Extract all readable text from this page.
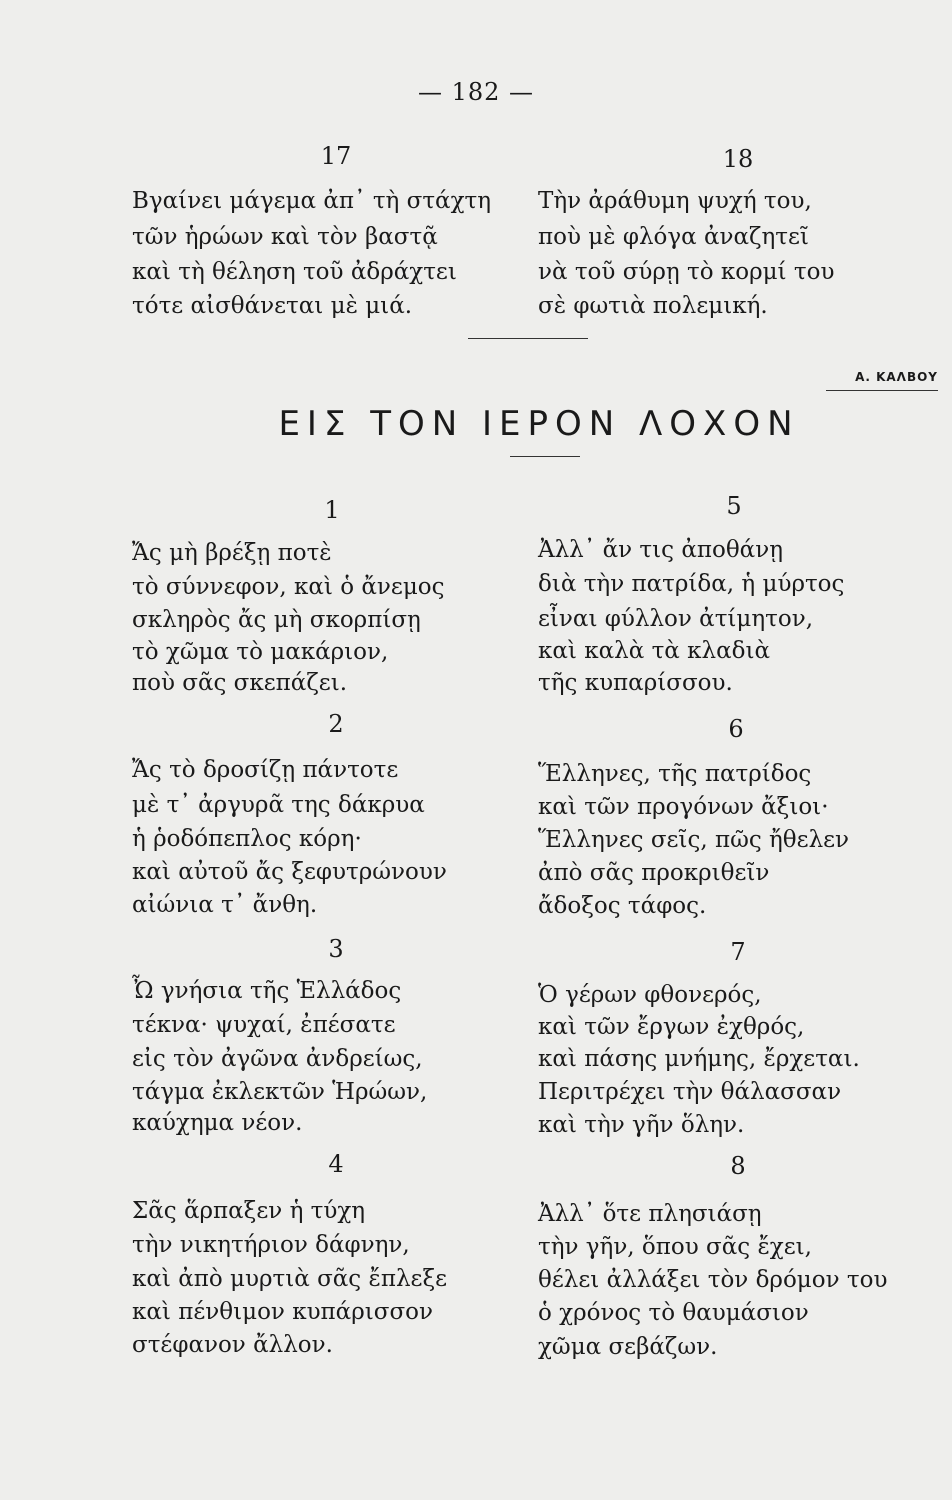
— 182 —
17
Βγαίνει μάγεμα ἀπ᾽ τὴ στάχτη
τῶν ἡρώων καὶ τὸν βαστᾷ
καὶ τὴ θέληση τοῦ ἀδράχτει
τότε αἰσθάνεται μὲ μιά.
18
Τὴν ἀράθυμη ψυχή του,
ποὺ μὲ φλόγα ἀναζητεῖ
νὰ τοῦ σύρῃ τὸ κορμί του
σὲ φωτιὰ πολεμική.
Α. ΚΑΛΒΟΥ
ΕΙΣ ΤΟΝ ΙΕΡΟΝ ΛΟΧΟΝ
1
Ἄς μὴ βρέξῃ ποτὲ
τὸ σύννεφον, καὶ ὁ ἄνεμος
σκληρὸς ἄς μὴ σκορπίσῃ
τὸ χῶμα τὸ μακάριον,
ποὺ σᾶς σκεπάζει.
2
Ἄς τὸ δροσίζῃ πάντοτε
μὲ τ᾽ ἀργυρᾶ της δάκρυα
ἡ ῥοδόπεπλος κόρη·
καὶ αὐτοῦ ἄς ξεφυτρώνουν
αἰώνια τ᾽ ἄνθη.
3
Ὦ γνήσια τῆς Ἑλλάδος
τέκνα· ψυχαί, ἐπέσατε
εἰς τὸν ἀγῶνα ἀνδρείως,
τάγμα ἐκλεκτῶν Ἡρώων,
καύχημα νέον.
4
Σᾶς ἅρπαξεν ἡ τύχη
τὴν νικητήριον δάφνην,
καὶ ἀπὸ μυρτιὰ σᾶς ἔπλεξε
καὶ πένθιμον κυπάρισσον
στέφανον ἄλλον.
5
Ἀλλ᾽ ἄν τις ἀποθάνῃ
διὰ τὴν πατρίδα, ἡ μύρτος
εἶναι φύλλον ἀτίμητον,
καὶ καλὰ τὰ κλαδιὰ
τῆς κυπαρίσσου.
6
Ἕλληνες, τῆς πατρίδος
καὶ τῶν προγόνων ἄξιοι·
Ἕλληνες σεῖς, πῶς ἤθελεν
ἀπὸ σᾶς προκριθεῖν
ἄδοξος τάφος.
7
Ὁ γέρων φθονερός,
καὶ τῶν ἔργων ἐχθρός,
καὶ πάσης μνήμης, ἔρχεται.
Περιτρέχει τὴν θάλασσαν
καὶ τὴν γῆν ὅλην.
8
Ἀλλ᾽ ὅτε πλησιάσῃ
τὴν γῆν, ὅπου σᾶς ἔχει,
θέλει ἀλλάξει τὸν δρόμον του
ὁ χρόνος τὸ θαυμάσιον
χῶμα σεβάζων.
